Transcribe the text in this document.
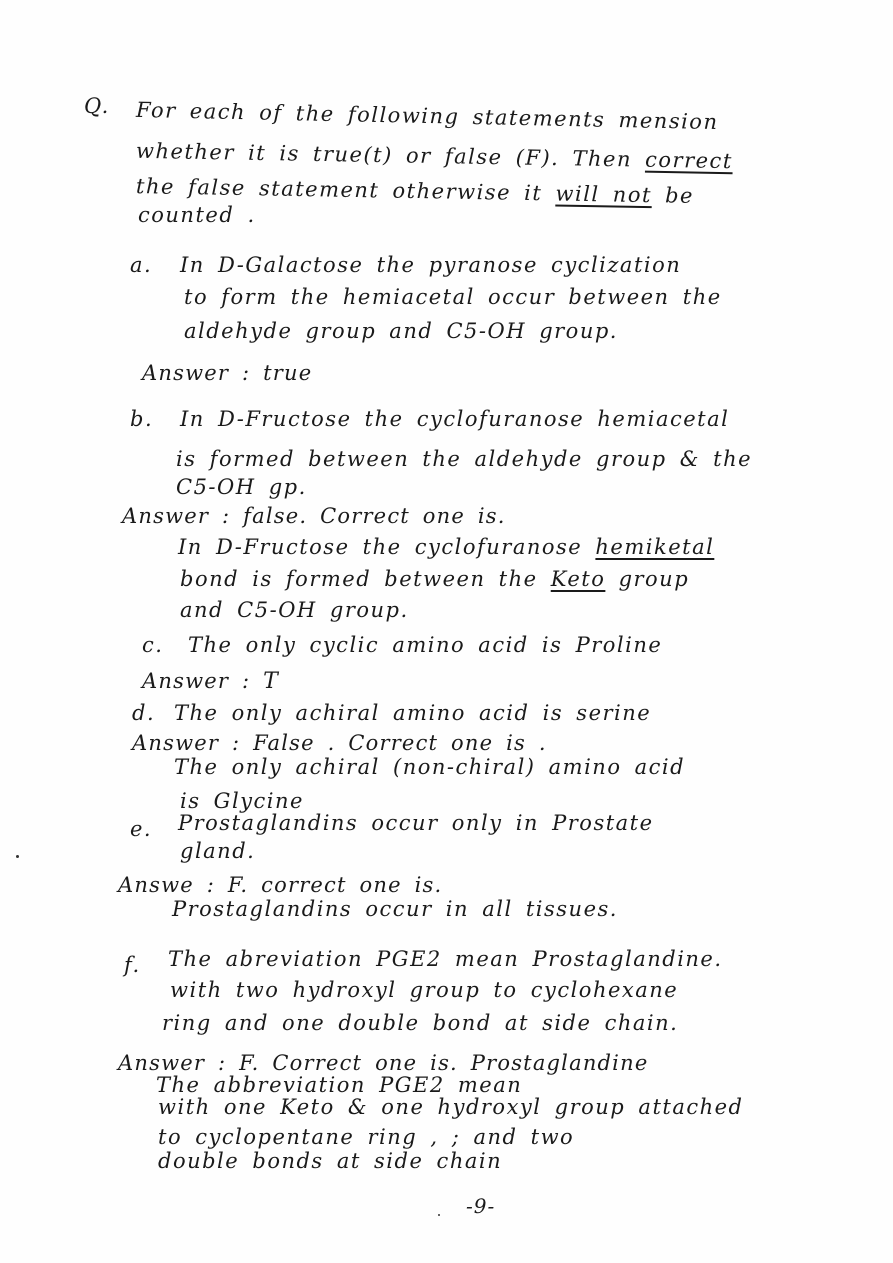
Q. For each of the following statements mension
whether it is true(t) or false (F). Then correct
the false statement otherwise it will not be
counted .
a. In D-Galactose the pyranose cyclization
to form the hemiacetal occur between the
aldehyde group and C5-OH group.
Answer : true
b. In D-Fructose the cyclofuranose hemiacetal
is formed between the aldehyde group & the
C5-OH gp.
Answer : false. Correct one is.
In D-Fructose the cyclofuranose hemiketal
bond is formed between the Keto group
and C5-OH group.
c. The only cyclic amino acid is Proline
Answer : T
d. The only achiral amino acid is serine
Answer : False . Correct one is .
The only achiral (non-chiral) amino acid
is Glycine
e. Prostaglandins occur only in Prostate
gland.
Answe : F. correct one is.
Prostaglandins occur in all tissues.
f. The abreviation PGE2 mean Prostaglandine.
with two hydroxyl group to cyclohexane
ring and one double bond at side chain.
Answer : F. Correct one is. Prostaglandine
The abbreviation PGE2 mean
with one Keto & one hydroxyl group attached
to cyclopentane ring , ; and two
double bonds at side chain
-9-
